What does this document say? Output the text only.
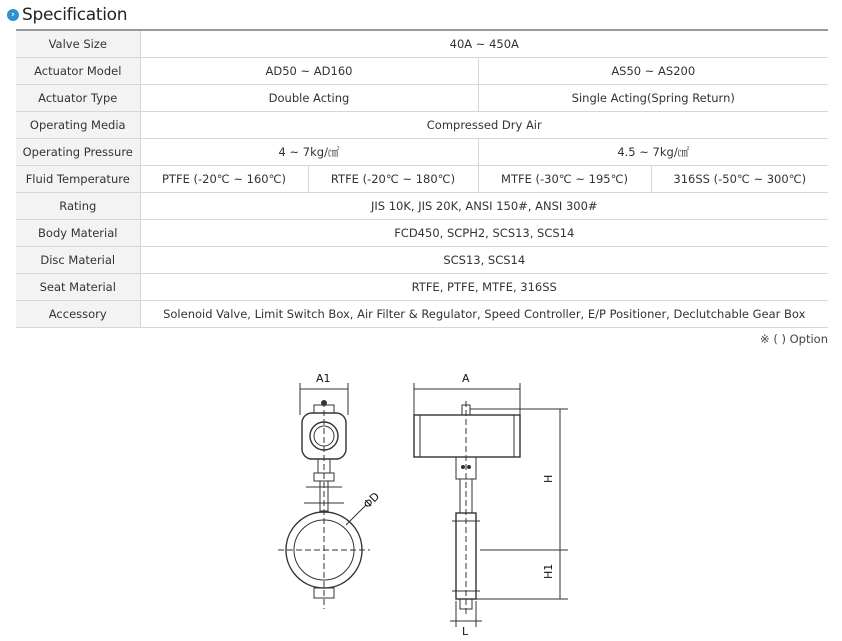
› Specification
Valve Size	40A ~ 450A			
Actuator Model	AD50 ~ AD160		AS50 ~ AS200	
Actuator Type	Double Acting		Single Acting(Spring Return)	
Operating Media	Compressed Dry Air			
Operating Pressure	4 ~ 7kg/㎠		4.5 ~ 7kg/㎠	
Fluid Temperature	PTFE (-20℃ ~ 160℃)	RTFE (-20℃ ~ 180℃)	MTFE (-30℃ ~ 195℃)	316SS (-50℃ ~ 300℃)
Rating	JIS 10K, JIS 20K, ANSI 150#, ANSI 300#			
Body Material	FCD450, SCPH2, SCS13, SCS14			
Disc Material	SCS13, SCS14			
Seat Material	RTFE, PTFE, MTFE, 316SS			
Accessory	Solenoid Valve, Limit Switch Box, Air Filter & Regulator, Speed Controller, E/P Positioner, Declutchable Gear Box			
※ ( ) Option
A1	A
ΦD
H
H1
L
